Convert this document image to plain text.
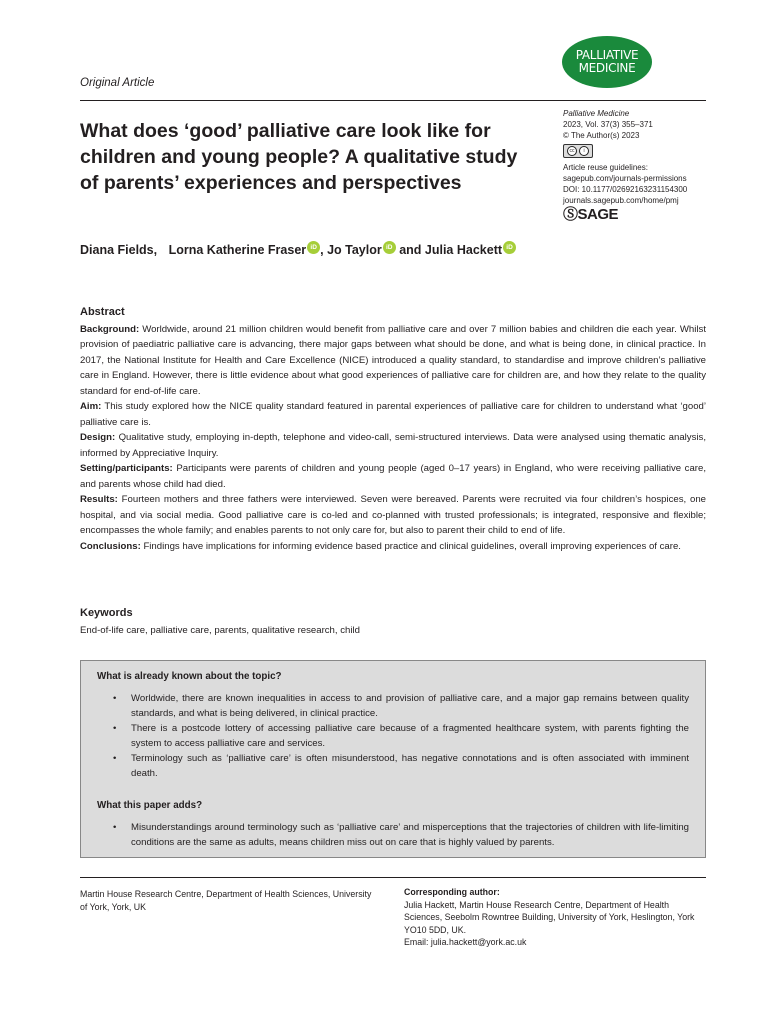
PALLIATIVE
MEDICINE
Original Article
What does ‘good’ palliative care look like for children and young people? A qualitative study of parents’ experiences and perspectives
Palliative Medicine
2023, Vol. 37(3) 355–371
© The Author(s) 2023
cc	i
Article reuse guidelines:
sagepub.com/journals-permissions
DOI: 10.1177/02692163231154300
journals.sagepub.com/home/pmj
ⓈSAGE
Diana Fields, Lorna Katherine Fraser iD , Jo Taylor iD and Julia Hackett iD
Abstract

Background: Worldwide, around 21 million children would benefit from palliative care and over 7 million babies and children die each year. Whilst provision of paediatric palliative care is advancing, there major gaps between what should be done, and what is being done, in clinical practice. In 2017, the National Institute for Health and Care Excellence (NICE) introduced a quality standard, to standardise and improve children’s palliative care in England. However, there is little evidence about what good experiences of palliative care for children are, and how they relate to the quality standard for end-of-life care.

Aim: This study explored how the NICE quality standard featured in parental experiences of palliative care for children to understand what ‘good’ palliative care is.

Design: Qualitative study, employing in-depth, telephone and video-call, semi-structured interviews. Data were analysed using thematic analysis, informed by Appreciative Inquiry.

Setting/participants: Participants were parents of children and young people (aged 0–17 years) in England, who were receiving palliative care, and parents whose child had died.

Results: Fourteen mothers and three fathers were interviewed. Seven were bereaved. Parents were recruited via four children’s hospices, one hospital, and via social media. Good palliative care is co-led and co-planned with trusted professionals; is integrated, responsive and flexible; encompasses the whole family; and enables parents to not only care for, but also to parent their child to end of life.

Conclusions: Findings have implications for informing evidence based practice and clinical guidelines, overall improving experiences of care.

Keywords
End-of-life care, palliative care, parents, qualitative research, child
What is already known about the topic?
• Worldwide, there are known inequalities in access to and provision of palliative care, and a major gap remains between quality standards, and what is being delivered, in clinical practice.
• There is a postcode lottery of accessing palliative care because of a fragmented healthcare system, with parents fighting the system to access palliative care and services.
• Terminology such as ‘palliative care’ is often misunderstood, has negative connotations and is often associated with imminent death.
What this paper adds?
• Misunderstandings around terminology such as ‘palliative care’ and misperceptions that the trajectories of children with life-limiting conditions are the same as adults, means children miss out on care that is highly valued by parents.
Martin House Research Centre, Department of Health Sciences, University of York, York, UK
Corresponding author:
Julia Hackett, Martin House Research Centre, Department of Health Sciences, Seebolm Rowntree Building, University of York, Heslington, York YO10 5DD, UK.
Email: julia.hackett@york.ac.uk
